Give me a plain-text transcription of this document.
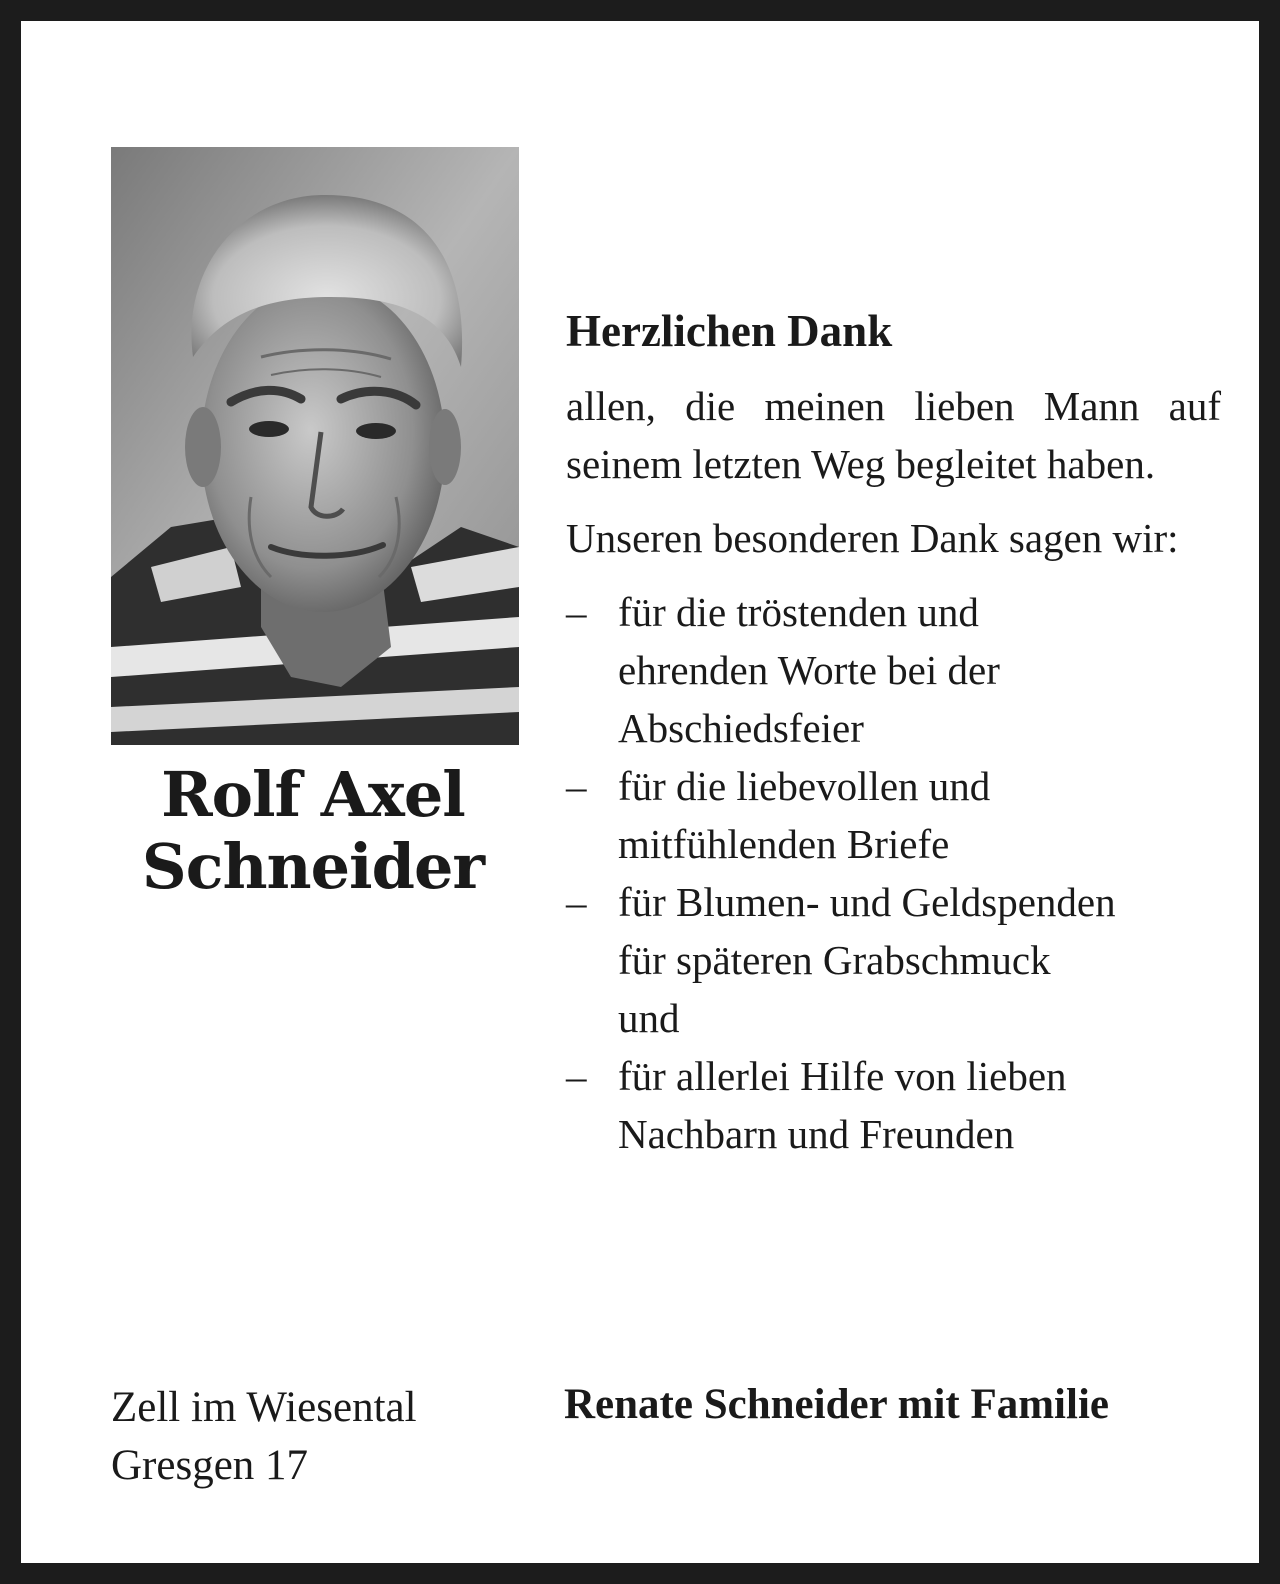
Rolf Axel
Schneider
Zell im Wiesental
Gresgen 17
Herzlichen Dank
allen, die meinen lieben Mann auf seinem letzten Weg begleitet haben.
Unseren besonderen Dank sagen wir:
– für die tröstenden und
ehrenden Worte bei der
Abschiedsfeier
– für die liebevollen und
mitfühlenden Briefe
– für Blumen- und Geldspenden
für späteren Grabschmuck
und
– für allerlei Hilfe von lieben
Nachbarn und Freunden
Renate Schneider mit Familie
